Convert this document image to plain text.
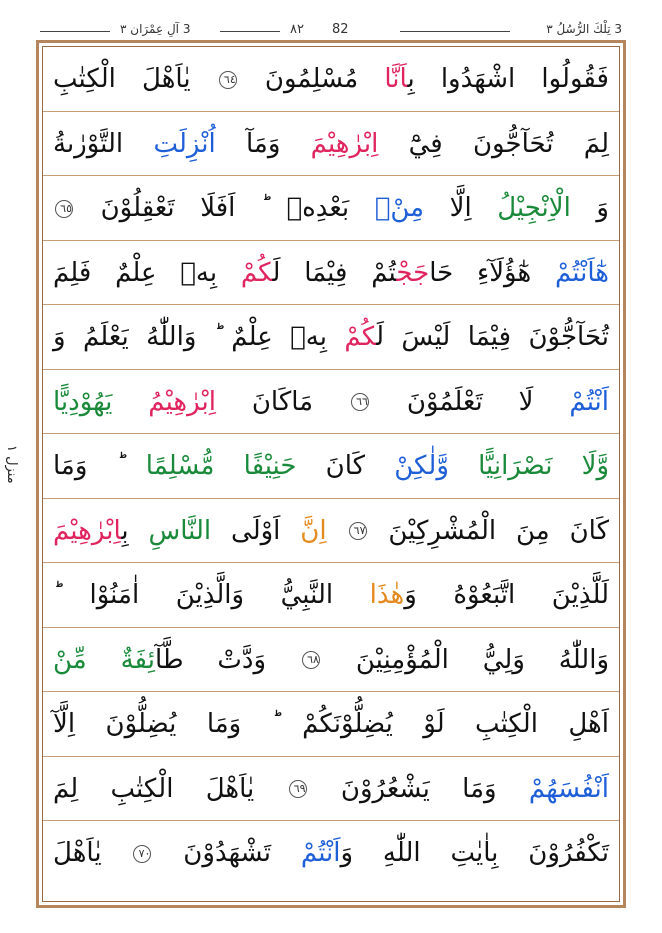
3 آلِ عِمْرَان ٣	٨٢ 82	3 تِلْكَ الرُّسُلُ ٣
منزل ١
فَقُولُوا اشْهَدُوا بِاَنَّا مُسْلِمُونَ ٦٤ يٰاَهْلَ الْكِتٰبِ
لِمَ تُحَآجُّونَ فِيْٓ اِبْرٰهِيْمَ وَمَآ اُنْزِلَتِ التَّوْرٰىةُ
وَ الْاِنْجِيْلُ اِلَّا مِنْۢ بَعْدِهٖ ؕ اَفَلَا تَعْقِلُوْنَ ٦٥
هٰٓاَنْتُمْ هٰٓؤُلَآءِ حَاجَجْتُمْ فِيْمَا لَكُمْ بِهٖ عِلْمٌ فَلِمَ
تُحَآجُّوْنَ فِيْمَا لَيْسَ لَكُمْ بِهٖ عِلْمٌ وَاللّٰهُ يَعْلَمُ وَ
اَنْتُمْ لَا تَعْلَمُوْنَ ٦٦ مَاكَانَ اِبْرٰهِيْمُ يَهُوْدِيًّا
وَّلَا نَصْرَانِيًّا وَّلٰكِنْ كَانَ حَنِيْفًا مُّسْلِمًا ؕ وَمَا
كَانَ مِنَ الْمُشْرِكِيْنَ ٦٧ اِنَّ اَوْلَى النَّاسِ بِاِبْرٰهِيْمَ
لَلَّذِيْنَ اتَّبَعُوْهُ وَهٰذَا النَّبِيُّ وَالَّذِيْنَ اٰمَنُوْا ؕ
وَاللّٰهُ وَلِيُّ الْمُؤْمِنِيْنَ ٦٨ وَدَّتْ طَّآئِفَةٌ مِّنْ
اَهْلِ الْكِتٰبِ لَوْ يُضِلُّوْنَكُمْ ؕ وَمَا يُضِلُّوْنَ اِلَّآ
اَنْفُسَهُمْ وَمَا يَشْعُرُوْنَ ٦٩ يٰاَهْلَ الْكِتٰبِ لِمَ
تَكْفُرُوْنَ بِاٰيٰتِ اللّٰهِ وَاَنْتُمْ تَشْهَدُوْنَ ٧٠ يٰاَهْلَ
